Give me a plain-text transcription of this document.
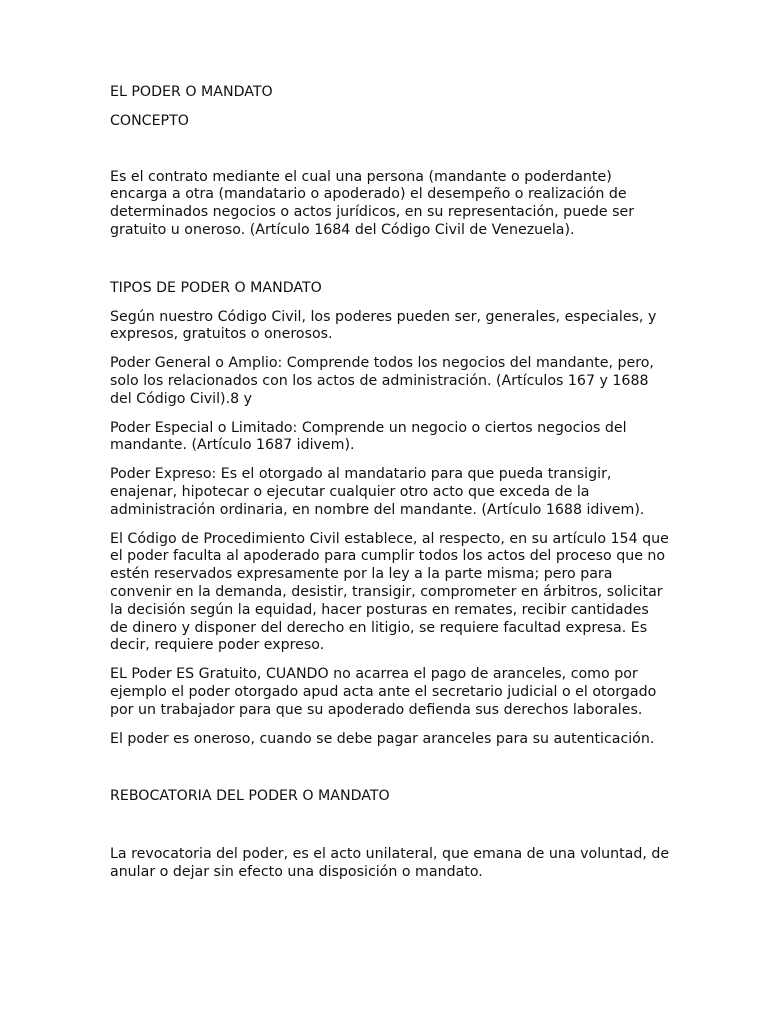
EL PODER O MANDATO

CONCEPTO

Es el contrato mediante el cual una persona (mandante o poderdante) encarga a otra (mandatario o apoderado) el desempeño o realización de determinados negocios o actos jurídicos, en su representación, puede ser gratuito u oneroso. (Artículo 1684 del Código Civil de Venezuela).

TIPOS DE PODER O MANDATO

Según nuestro Código Civil, los poderes pueden ser, generales, especiales, y expresos, gratuitos o onerosos.

Poder General o Amplio: Comprende todos los negocios del mandante, pero, solo los relacionados con los actos de administración. (Artículos 167 y 1688 del Código Civil).8 y

Poder Especial o Limitado: Comprende un negocio o ciertos negocios del mandante. (Artículo 1687 idivem).

Poder Expreso: Es el otorgado al mandatario para que pueda transigir, enajenar, hipotecar o ejecutar cualquier otro acto que exceda de la administración ordinaria, en nombre del mandante. (Artículo 1688 idivem).

El Código de Procedimiento Civil establece, al respecto, en su artículo 154 que el poder faculta al apoderado para cumplir todos los actos del proceso que no estén reservados expresamente por la ley a la parte misma; pero para convenir en la demanda, desistir, transigir, comprometer en árbitros, solicitar la decisión según la equidad, hacer posturas en remates, recibir cantidades de dinero y disponer del derecho en litigio, se requiere facultad expresa. Es decir, requiere poder expreso.

EL Poder ES Gratuito, CUANDO no acarrea el pago de aranceles, como por ejemplo el poder otorgado apud acta ante el secretario judicial o el otorgado por un trabajador para que su apoderado defienda sus derechos laborales.

El poder es oneroso, cuando se debe pagar aranceles para su autenticación.

REBOCATORIA DEL PODER O MANDATO

La revocatoria del poder, es el acto unilateral, que emana de una voluntad, de anular o dejar sin efecto una disposición o mandato.
